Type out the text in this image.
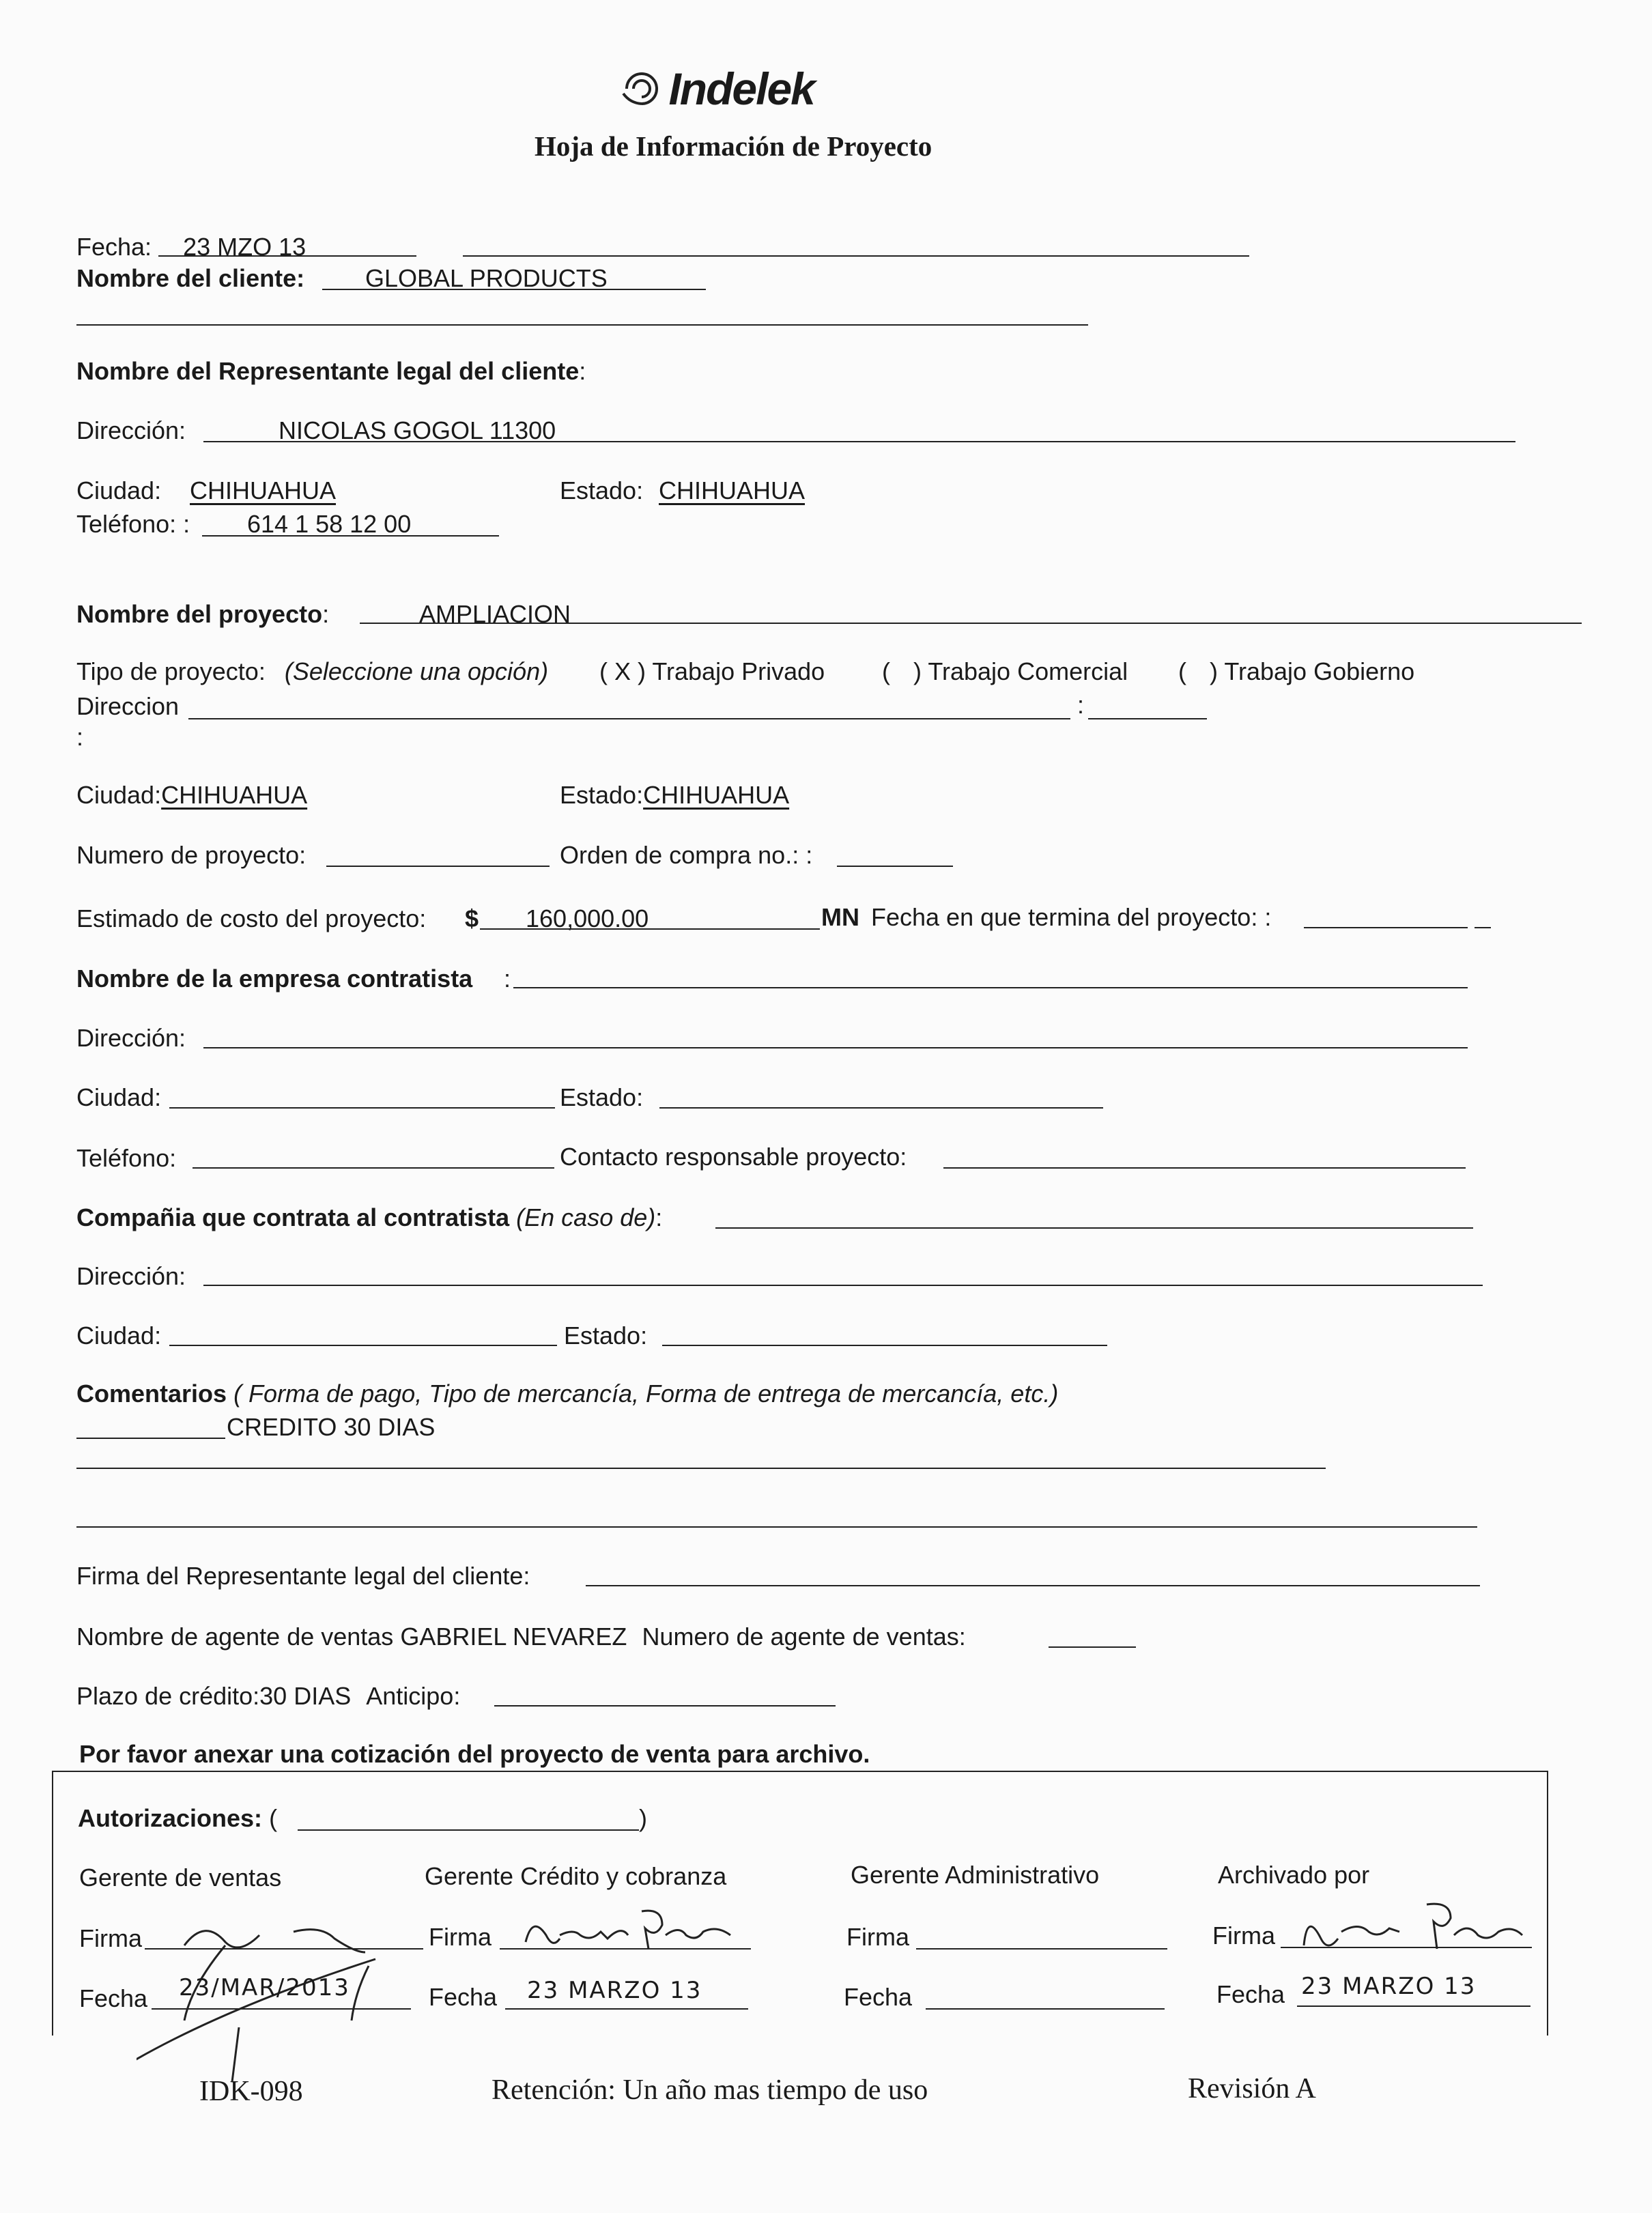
Indelek
Hoja de Información de Proyecto
Fecha: 23 MZO 13
Nombre del cliente: GLOBAL PRODUCTS
Nombre del Representante legal del cliente:
Dirección:	NICOLAS GOGOL 11300
Ciudad: CHIHUAHUA	Estado: CHIHUAHUA
Teléfono: : 614 1 58 12 00
Nombre del proyecto:	AMPLIACION
Tipo de proyecto: (Seleccione una opción) ( X ) Trabajo Privado ( ) Trabajo Comercial ( ) Trabajo Gobierno
Direccion	:
:
Ciudad:CHIHUAHUA	Estado:CHIHUAHUA
Numero de proyecto:	Orden de compra no.: :
Estimado de costo del proyecto: $ 160,000.00	MN Fecha en que termina del proyecto: :
Nombre de la empresa contratista :
Dirección:
Ciudad:	Estado:
Teléfono:	Contacto responsable proyecto:
Compañia que contrata al contratista (En caso de):
Dirección:
Ciudad:	Estado:
Comentarios ( Forma de pago, Tipo de mercancía, Forma de entrega de mercancía, etc.)
CREDITO 30 DIAS
Firma del Representante legal del cliente:
Nombre de agente de ventas GABRIEL NEVAREZ Numero de agente de ventas:
Plazo de crédito:30 DIAS Anticipo:
Por favor anexar una cotización del proyecto de venta para archivo.
Autorizaciones: (	)
Gerente de ventas	Gerente Crédito y cobranza	Gerente Administrativo	Archivado por
Firma	Firma	Firma	Firma
Fecha 23/MAR/2013	Fecha 23 MARZO 13	Fecha	Fecha 23 MARZO 13
IDK-098	Retención: Un año mas tiempo de uso	Revisión A
